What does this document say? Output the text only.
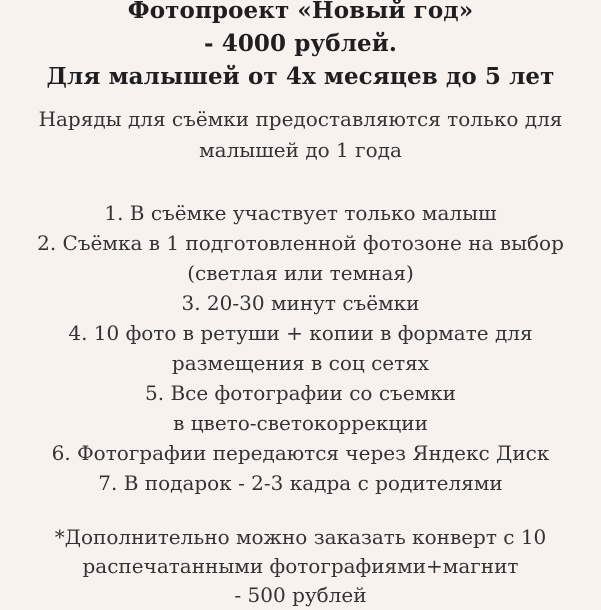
Фотопроект «Новый год»
- 4000 рублей.
Для малышей от 4х месяцев до 5 лет
Наряды для съёмки предоставляются только для
малышей до 1 года
1. В съёмке участвует только малыш
2. Съёмка в 1 подготовленной фотозоне на выбор
(светлая или темная)
3. 20-30 минут съёмки
4. 10 фото в ретуши + копии в формате для
размещения в соц сетях
5. Все фотографии со съемки
в цвето-светокоррекции
6. Фотографии передаются через Яндекс Диск
7. В подарок - 2-3 кадра с родителями
*Дополнительно можно заказать конверт с 10
распечатанными фотографиями+магнит
- 500 рублей
